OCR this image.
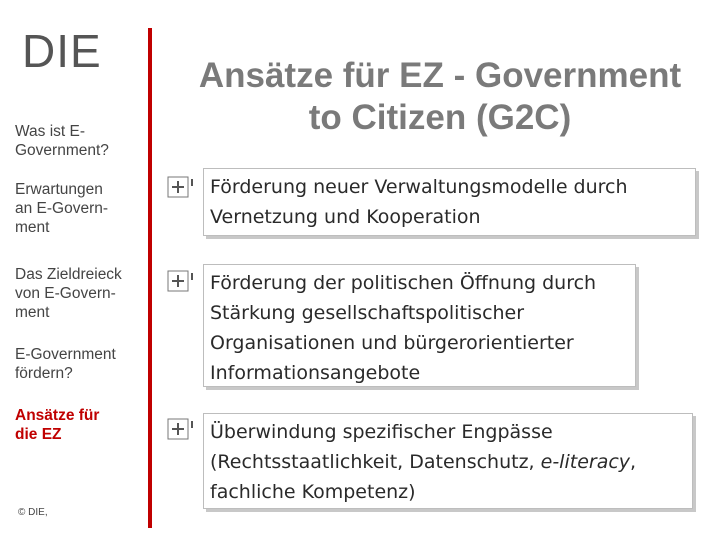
DIE
Was ist E-
Government?
Erwartungen
an E-Govern-
ment
Das Zieldreieck
von E-Govern-
ment
E-Government
fördern?
Ansätze für
die EZ
© DIE,
Ansätze für EZ - Government
to Citizen (G2C)
Förderung neuer Verwaltungsmodelle durch
Vernetzung und Kooperation
Förderung der politischen Öffnung durch
Stärkung gesellschaftspolitischer
Organisationen und bürgerorientierter
Informationsangebote
Überwindung spezifischer Engpässe
(Rechtsstaatlichkeit, Datenschutz, e-literacy,
fachliche Kompetenz)
